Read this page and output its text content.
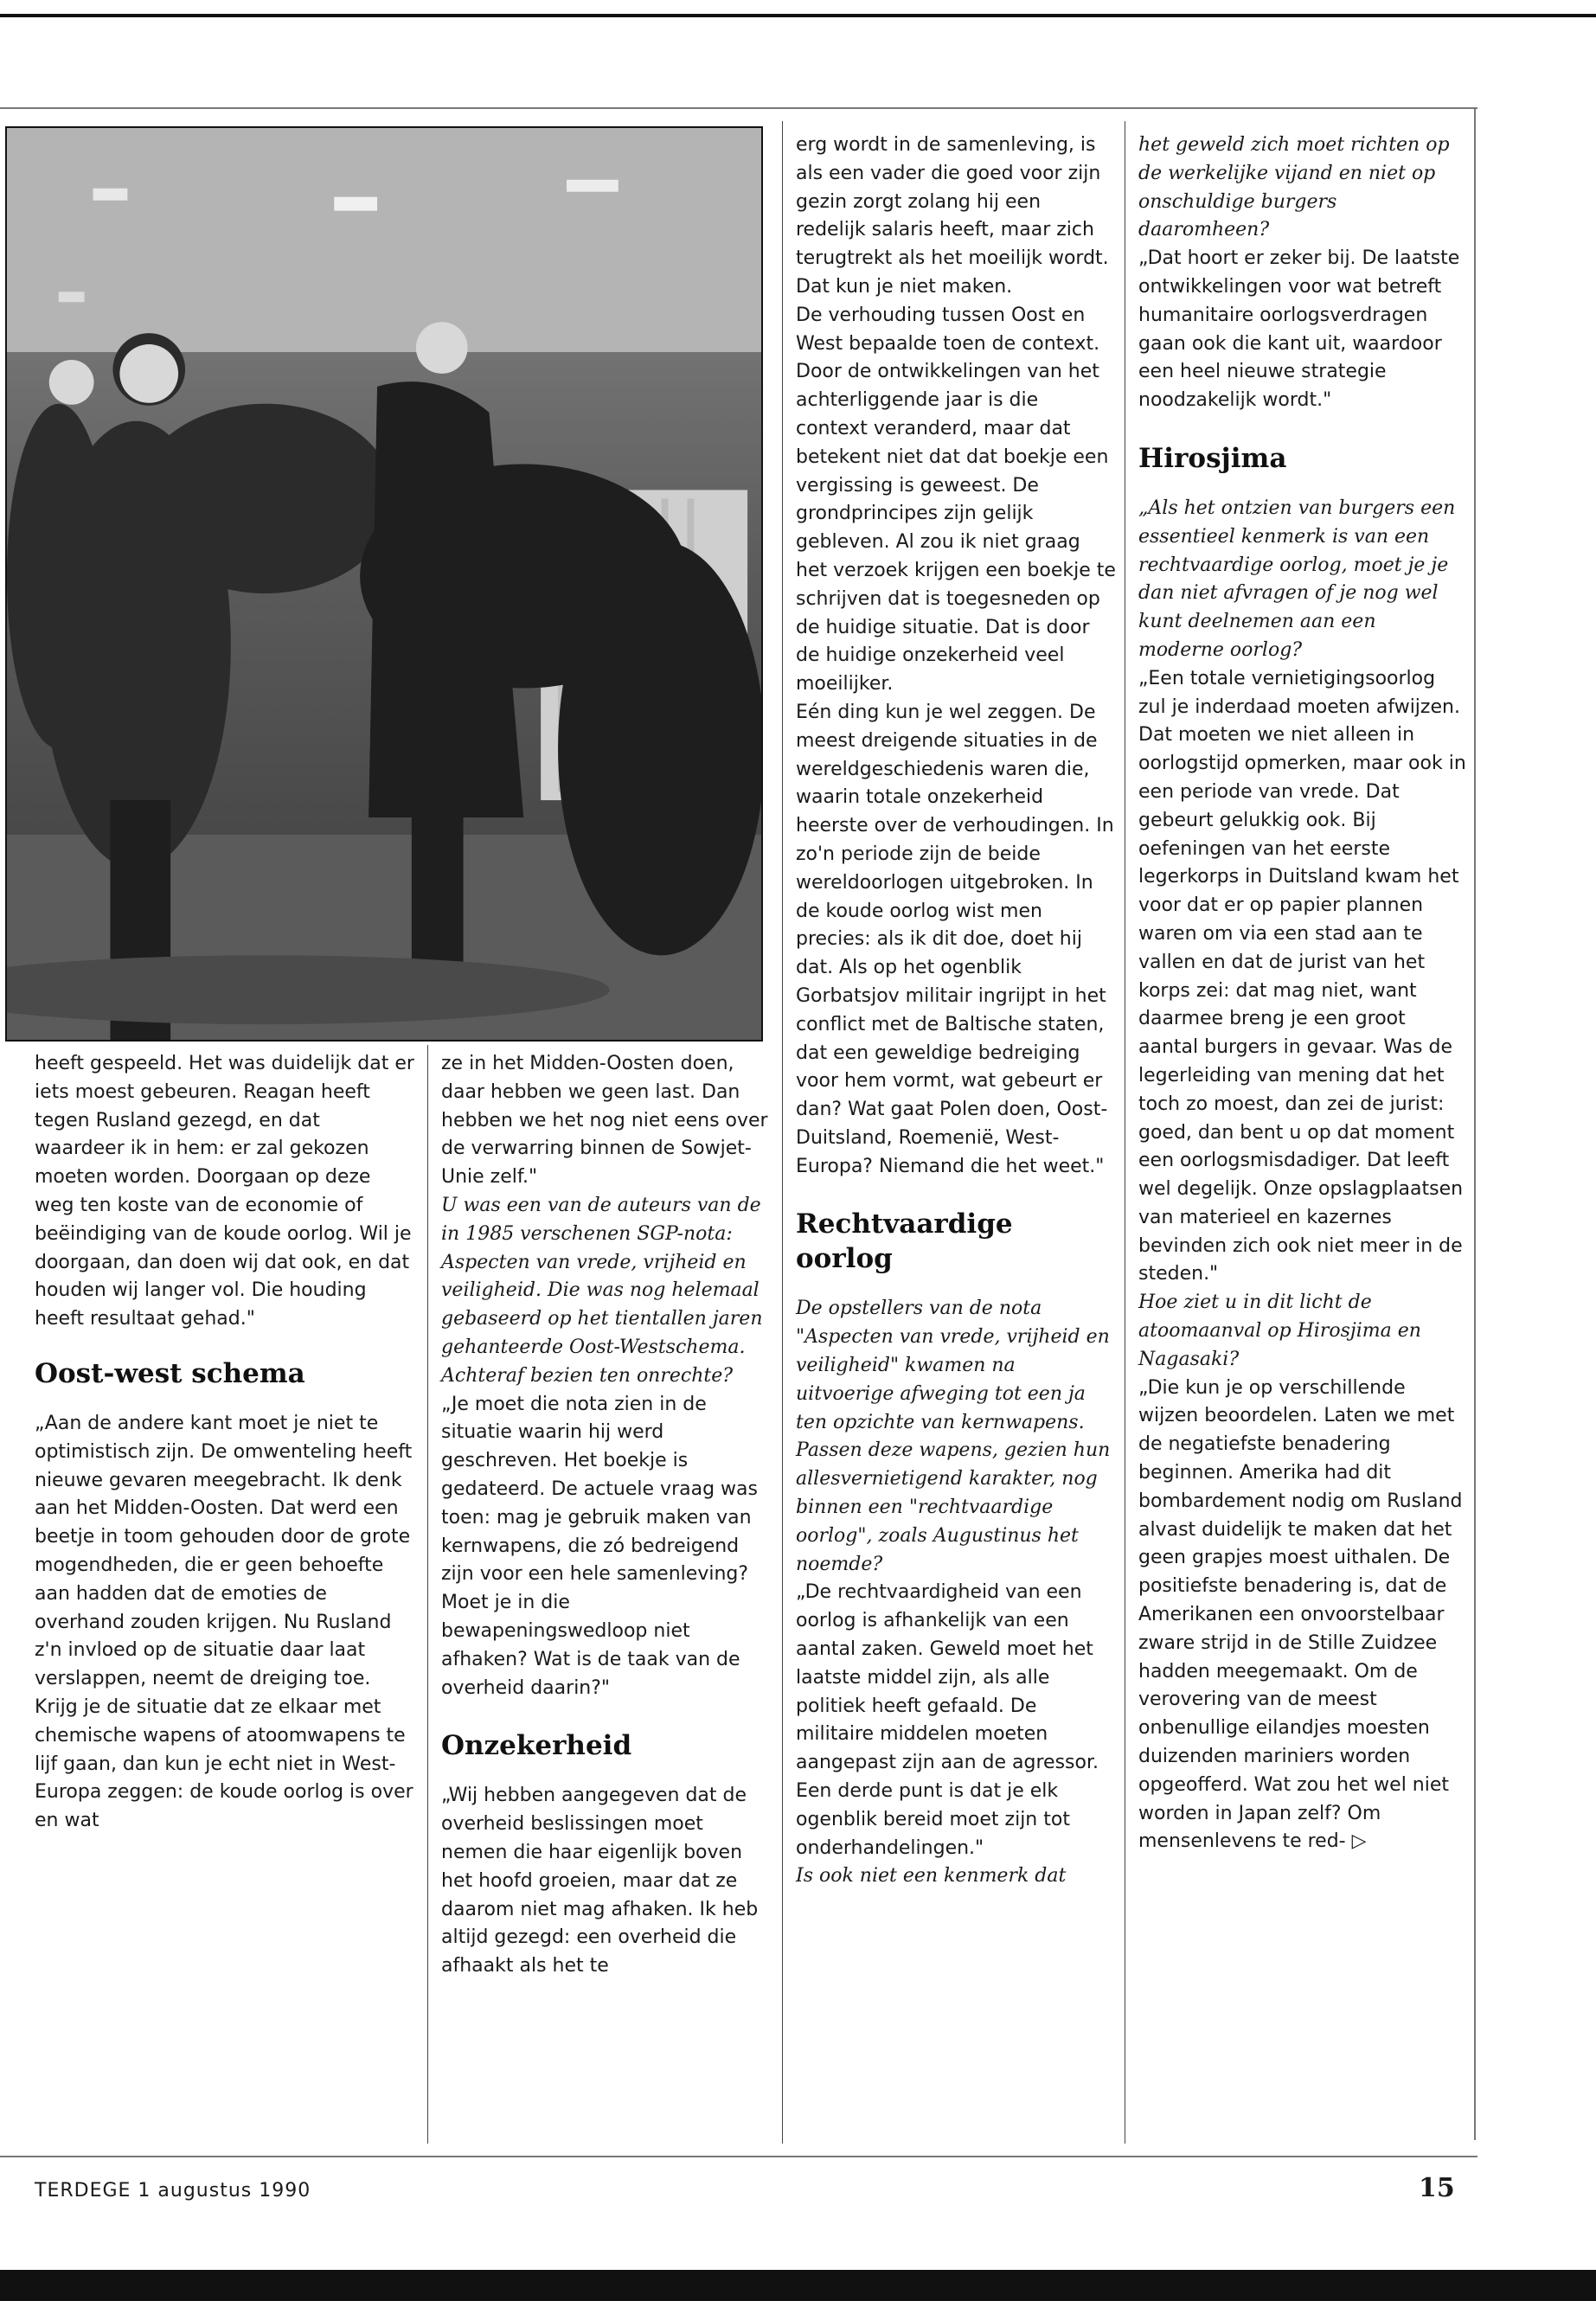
heeft gespeeld. Het was duidelijk dat er iets moest gebeuren. Reagan heeft tegen Rusland gezegd, en dat waardeer ik in hem: er zal gekozen moeten worden. Doorgaan op deze weg ten koste van de economie of beëindiging van de koude oorlog. Wil je doorgaan, dan doen wij dat ook, en dat houden wij langer vol. Die houding heeft resultaat gehad."

Oost-west schema

„Aan de andere kant moet je niet te optimistisch zijn. De omwenteling heeft nieuwe gevaren meegebracht. Ik denk aan het Midden-Oosten. Dat werd een beetje in toom gehouden door de grote mogendheden, die er geen behoefte aan hadden dat de emoties de overhand zouden krijgen. Nu Rusland z'n invloed op de situatie daar laat verslappen, neemt de dreiging toe. Krijg je de situatie dat ze elkaar met chemische wapens of atoomwapens te lijf gaan, dan kun je echt niet in West-Europa zeggen: de koude oorlog is over en wat

ze in het Midden-Oosten doen, daar hebben we geen last. Dan hebben we het nog niet eens over de verwarring binnen de Sowjet-Unie zelf."

U was een van de auteurs van de in 1985 verschenen SGP-nota: Aspecten van vrede, vrijheid en veiligheid. Die was nog helemaal gebaseerd op het tientallen jaren gehanteerde Oost-Westschema. Achteraf bezien ten onrechte?

„Je moet die nota zien in de situatie waarin hij werd geschreven. Het boekje is gedateerd. De actuele vraag was toen: mag je gebruik maken van kernwapens, die zó bedreigend zijn voor een hele samenleving? Moet je in die bewapeningswedloop niet afhaken? Wat is de taak van de overheid daarin?"

Onzekerheid

„Wij hebben aangegeven dat de overheid beslissingen moet nemen die haar eigenlijk boven het hoofd groeien, maar dat ze daarom niet mag afhaken. Ik heb altijd gezegd: een overheid die afhaakt als het te

erg wordt in de samenleving, is als een vader die goed voor zijn gezin zorgt zolang hij een redelijk salaris heeft, maar zich terugtrekt als het moeilijk wordt. Dat kun je niet maken.

De verhouding tussen Oost en West bepaalde toen de context. Door de ontwikkelingen van het achterliggende jaar is die context veranderd, maar dat betekent niet dat dat boekje een vergissing is geweest. De grondprincipes zijn gelijk gebleven. Al zou ik niet graag het verzoek krijgen een boekje te schrijven dat is toegesneden op de huidige situatie. Dat is door de huidige onzekerheid veel moeilijker.

Eén ding kun je wel zeggen. De meest dreigende situaties in de wereldgeschiedenis waren die, waarin totale onzekerheid heerste over de verhoudingen. In zo'n periode zijn de beide wereldoorlogen uitgebroken. In de koude oorlog wist men precies: als ik dit doe, doet hij dat. Als op het ogenblik Gorbatsjov militair ingrijpt in het conflict met de Baltische staten, dat een geweldige bedreiging voor hem vormt, wat gebeurt er dan? Wat gaat Polen doen, Oost-Duitsland, Roemenië, West-Europa? Niemand die het weet."

Rechtvaardige oorlog

De opstellers van de nota "Aspecten van vrede, vrijheid en veiligheid" kwamen na uitvoerige afweging tot een ja ten opzichte van kernwapens. Passen deze wapens, gezien hun allesvernietigend karakter, nog binnen een "rechtvaardige oorlog", zoals Augustinus het noemde?

„De rechtvaardigheid van een oorlog is afhankelijk van een aantal zaken. Geweld moet het laatste middel zijn, als alle politiek heeft gefaald. De militaire middelen moeten aangepast zijn aan de agressor. Een derde punt is dat je elk ogenblik bereid moet zijn tot onderhandelingen."

Is ook niet een kenmerk dat

het geweld zich moet richten op de werkelijke vijand en niet op onschuldige burgers daaromheen?

„Dat hoort er zeker bij. De laatste ontwikkelingen voor wat betreft humanitaire oorlogsverdragen gaan ook die kant uit, waardoor een heel nieuwe strategie noodzakelijk wordt."

Hirosjima

„Als het ontzien van burgers een essentieel kenmerk is van een rechtvaardige oorlog, moet je je dan niet afvragen of je nog wel kunt deelnemen aan een moderne oorlog?

„Een totale vernietigingsoorlog zul je inderdaad moeten afwijzen. Dat moeten we niet alleen in oorlogstijd opmerken, maar ook in een periode van vrede. Dat gebeurt gelukkig ook. Bij oefeningen van het eerste legerkorps in Duitsland kwam het voor dat er op papier plannen waren om via een stad aan te vallen en dat de jurist van het korps zei: dat mag niet, want daarmee breng je een groot aantal burgers in gevaar. Was de legerleiding van mening dat het toch zo moest, dan zei de jurist: goed, dan bent u op dat moment een oorlogsmisdadiger. Dat leeft wel degelijk. Onze opslagplaatsen van materieel en kazernes bevinden zich ook niet meer in de steden."

Hoe ziet u in dit licht de atoomaanval op Hirosjima en Nagasaki?

„Die kun je op verschillende wijzen beoordelen. Laten we met de negatiefste benadering beginnen. Amerika had dit bombardement nodig om Rusland alvast duidelijk te maken dat het geen grapjes moest uithalen. De positiefste benadering is, dat de Amerikanen een onvoorstelbaar zware strijd in de Stille Zuidzee hadden meegemaakt. Om de verovering van de meest onbenullige eilandjes moesten duizenden mariniers worden opgeofferd. Wat zou het wel niet worden in Japan zelf? Om mensenlevens te red- ▷

TERDEGE 1 augustus 1990	15
